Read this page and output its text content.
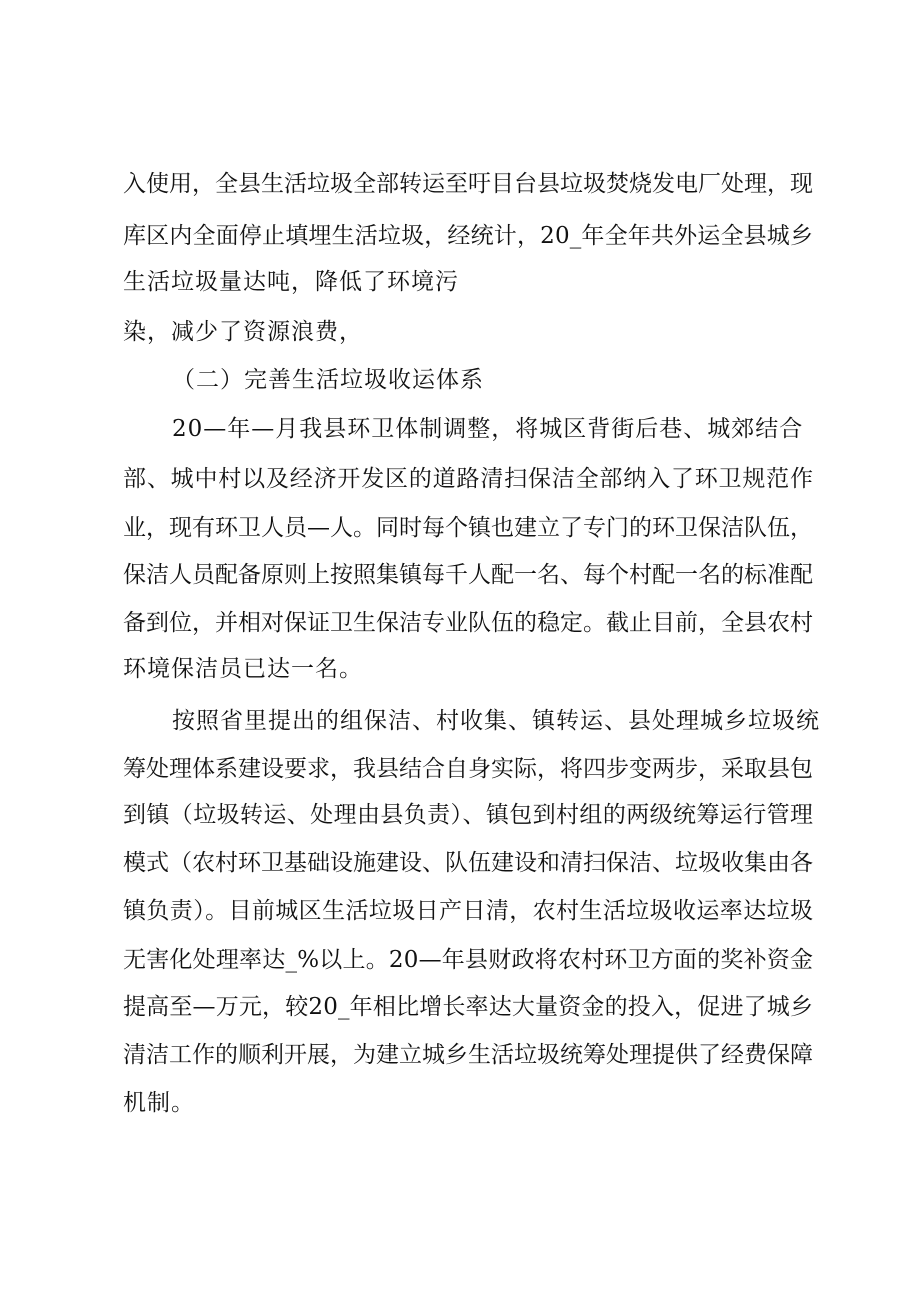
入使用，全县生活垃圾全部转运至吁目台县垃圾焚烧发电厂处理，现
库区内全面停止填埋生活垃圾，经统计，20_年全年共外运全县城乡
生活垃圾量达吨，降低了环境污
染，减少了资源浪费，
（二）完善生活垃圾收运体系
20—年—月我县环卫体制调整，将城区背街后巷、城郊结合
部、城中村以及经济开发区的道路清扫保洁全部纳入了环卫规范作
业，现有环卫人员—人。同时每个镇也建立了专门的环卫保洁队伍，
保洁人员配备原则上按照集镇每千人配一名、每个村配一名的标准配
备到位，并相对保证卫生保洁专业队伍的稳定。截止目前，全县农村
环境保洁员已达一名。
按照省里提出的组保洁、村收集、镇转运、县处理城乡垃圾统
筹处理体系建设要求，我县结合自身实际，将四步变两步，采取县包
到镇（垃圾转运、处理由县负责）、镇包到村组的两级统筹运行管理
模式（农村环卫基础设施建设、队伍建设和清扫保洁、垃圾收集由各
镇负责）。目前城区生活垃圾日产日清，农村生活垃圾收运率达垃圾
无害化处理率达_%以上。20—年县财政将农村环卫方面的奖补资金
提高至—万元，较20_年相比增长率达大量资金的投入，促进了城乡
清洁工作的顺利开展，为建立城乡生活垃圾统筹处理提供了经费保障
机制。
